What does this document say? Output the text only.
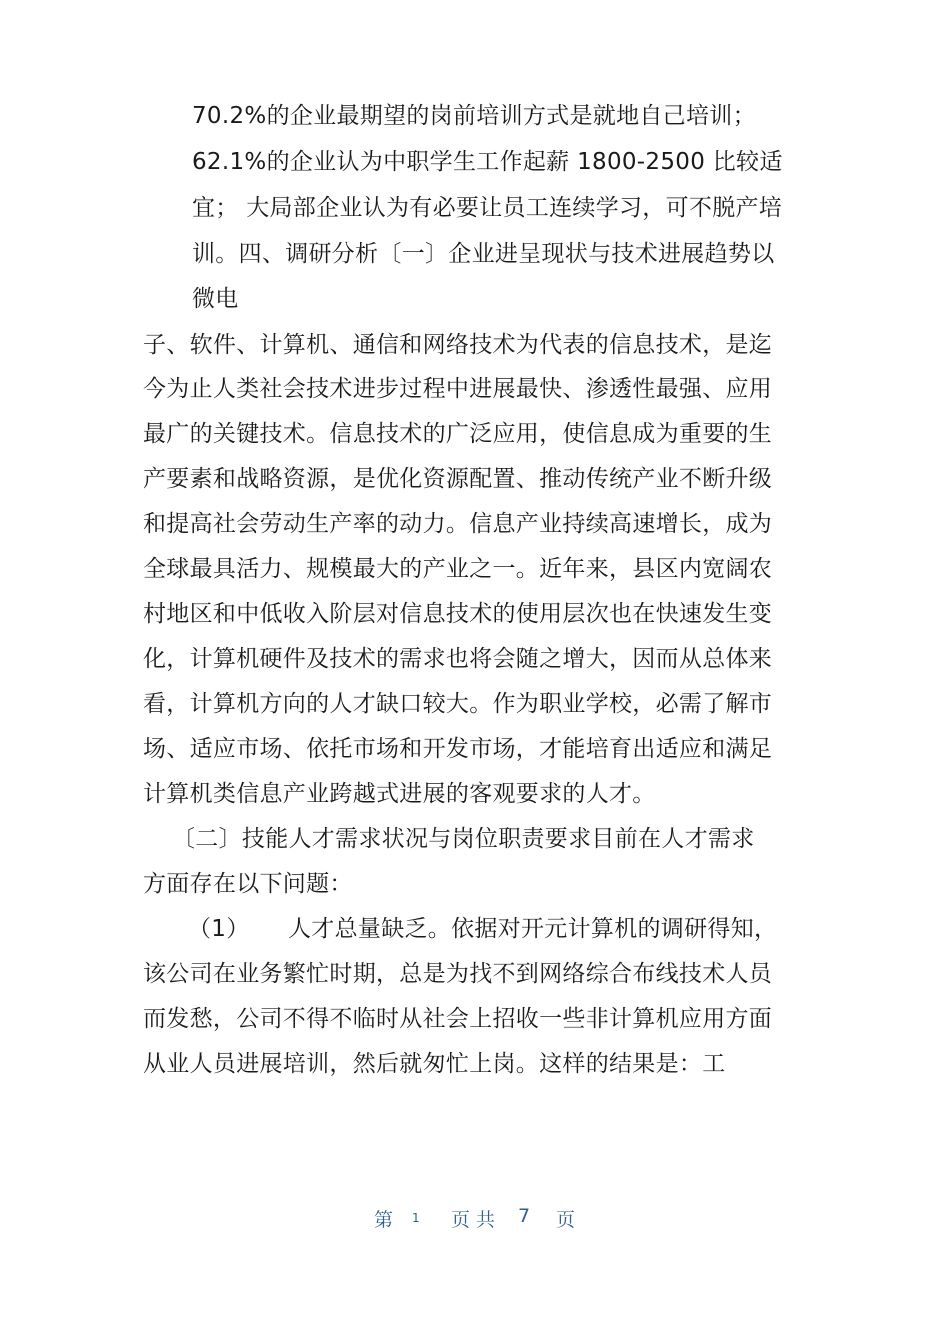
70.2%的企业最期望的岗前培训方式是就地自己培训；
62.1%的企业认为中职学生工作起薪 1800-2500 比较适
宜； 大局部企业认为有必要让员工连续学习，可不脱产培
训。四、调研分析〔一〕企业进呈现状与技术进展趋势以
微电
子、软件、计算机、通信和网络技术为代表的信息技术，是迄
今为止人类社会技术进步过程中进展最快、渗透性最强、应用
最广的关键技术。信息技术的广泛应用，使信息成为重要的生
产要素和战略资源，是优化资源配置、推动传统产业不断升级
和提高社会劳动生产率的动力。信息产业持续高速增长，成为
全球最具活力、规模最大的产业之一。近年来，县区内宽阔农
村地区和中低收入阶层对信息技术的使用层次也在快速发生变
化，计算机硬件及技术的需求也将会随之增大，因而从总体来
看，计算机方向的人才缺口较大。作为职业学校，必需了解市
场、适应市场、依托市场和开发市场，才能培育出适应和满足
计算机类信息产业跨越式进展的客观要求的人才。
〔二〕技能人才需求状况与岗位职责要求目前在人才需求
方面存在以下问题：
（1） 人才总量缺乏。依据对开元计算机的调研得知，
该公司在业务繁忙时期，总是为找不到网络综合布线技术人员
而发愁，公司不得不临时从社会上招收一些非计算机应用方面
从业人员进展培训，然后就匆忙上岗。这样的结果是：工
第 1 页 共 7 页
